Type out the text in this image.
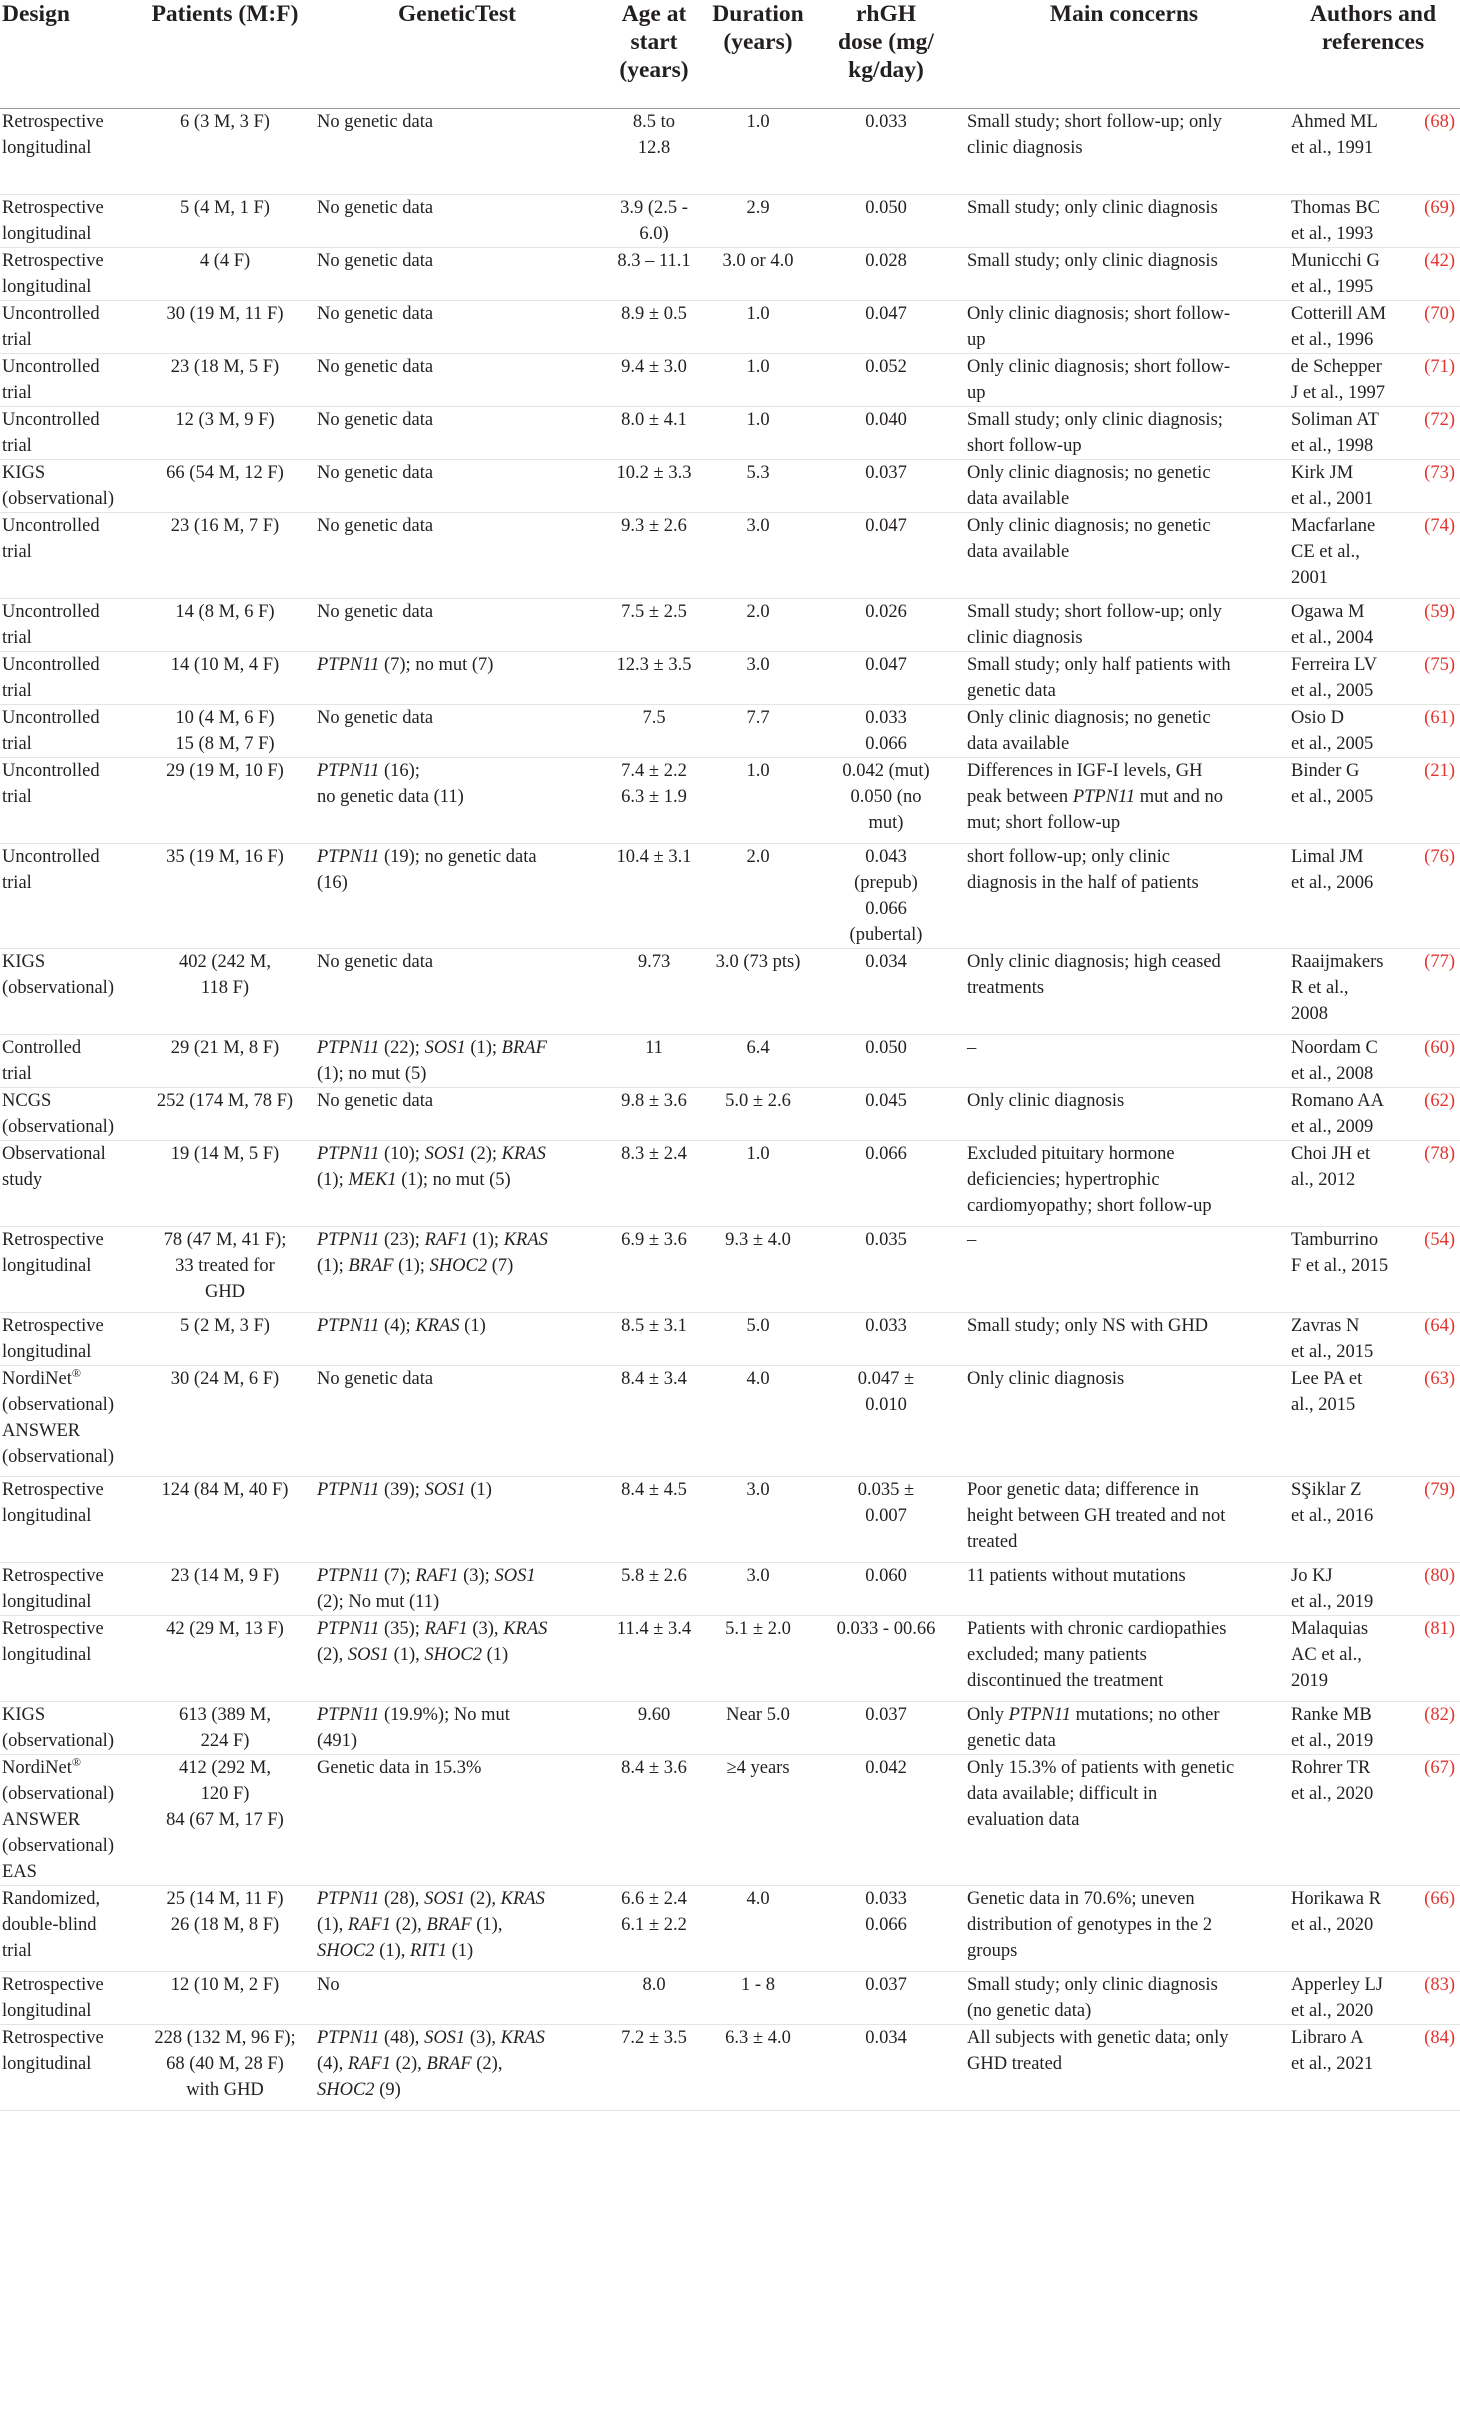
Design	Patients (M:F)	GeneticTest	Age at
start
(years)	Duration
(years)	rhGH
dose (mg/
kg/day)	Main concerns	Authors and
references
Retrospective
longitudinal	6 (3 M, 3 F)	No genetic data	8.5 to
12.8	1.0	0.033	Small study; short follow-up; only
clinic diagnosis	Ahmed ML
et al., 1991
(68)

Retrospective
longitudinal	5 (4 M, 1 F)	No genetic data	3.9 (2.5 -
6.0)	2.9	0.050	Small study; only clinic diagnosis	Thomas BC
et al., 1993
(69)

Retrospective
longitudinal	4 (4 F)	No genetic data	8.3 – 11.1	3.0 or 4.0	0.028	Small study; only clinic diagnosis	Municchi G
et al., 1995
(42)

Uncontrolled
trial	30 (19 M, 11 F)	No genetic data	8.9 ± 0.5	1.0	0.047	Only clinic diagnosis; short follow-
up	Cotterill AM
et al., 1996
(70)

Uncontrolled
trial	23 (18 M, 5 F)	No genetic data	9.4 ± 3.0	1.0	0.052	Only clinic diagnosis; short follow-
up	de Schepper
J et al., 1997
(71)

Uncontrolled
trial	12 (3 M, 9 F)	No genetic data	8.0 ± 4.1	1.0	0.040	Small study; only clinic diagnosis;
short follow-up	Soliman AT
et al., 1998
(72)

KIGS
(observational)	66 (54 M, 12 F)	No genetic data	10.2 ± 3.3	5.3	0.037	Only clinic diagnosis; no genetic
data available	Kirk JM
et al., 2001
(73)

Uncontrolled
trial	23 (16 M, 7 F)	No genetic data	9.3 ± 2.6	3.0	0.047	Only clinic diagnosis; no genetic
data available	Macfarlane
CE et al.,
2001
(74)

Uncontrolled
trial	14 (8 M, 6 F)	No genetic data	7.5 ± 2.5	2.0	0.026	Small study; short follow-up; only
clinic diagnosis	Ogawa M
et al., 2004
(59)

Uncontrolled
trial	14 (10 M, 4 F)	PTPN11 (7); no mut (7)	12.3 ± 3.5	3.0	0.047	Small study; only half patients with
genetic data	Ferreira LV
et al., 2005
(75)

Uncontrolled
trial	10 (4 M, 6 F)
15 (8 M, 7 F)	No genetic data	7.5	7.7	0.033
0.066	Only clinic diagnosis; no genetic
data available	Osio D
et al., 2005
(61)

Uncontrolled
trial	29 (19 M, 10 F)	PTPN11 (16);
no genetic data (11)	7.4 ± 2.2
6.3 ± 1.9	1.0	0.042 (mut)
0.050 (no
mut)	Differences in IGF-I levels, GH
peak between PTPN11 mut and no
mut; short follow-up	Binder G
et al., 2005
(21)

Uncontrolled
trial	35 (19 M, 16 F)	PTPN11 (19); no genetic data
(16)	10.4 ± 3.1	2.0	0.043
(prepub)
0.066
(pubertal)	short follow-up; only clinic
diagnosis in the half of patients	Limal JM
et al., 2006
(76)

KIGS
(observational)	402 (242 M,
118 F)	No genetic data	9.73	3.0 (73 pts)	0.034	Only clinic diagnosis; high ceased
treatments	Raaijmakers
R et al.,
2008
(77)

Controlled
trial	29 (21 M, 8 F)	PTPN11 (22); SOS1 (1); BRAF
(1); no mut (5)	11	6.4	0.050	–	Noordam C
et al., 2008
(60)

NCGS
(observational)	252 (174 M, 78 F)	No genetic data	9.8 ± 3.6	5.0 ± 2.6	0.045	Only clinic diagnosis	Romano AA
et al., 2009
(62)

Observational
study	19 (14 M, 5 F)	PTPN11 (10); SOS1 (2); KRAS
(1); MEK1 (1); no mut (5)	8.3 ± 2.4	1.0	0.066	Excluded pituitary hormone
deficiencies; hypertrophic
cardiomyopathy; short follow-up	Choi JH et
al., 2012
(78)

Retrospective
longitudinal	78 (47 M, 41 F);
33 treated for
GHD	PTPN11 (23); RAF1 (1); KRAS
(1); BRAF (1); SHOC2 (7)	6.9 ± 3.6	9.3 ± 4.0	0.035	–	Tamburrino
F et al., 2015
(54)

Retrospective
longitudinal	5 (2 M, 3 F)	PTPN11 (4); KRAS (1)	8.5 ± 3.1	5.0	0.033	Small study; only NS with GHD	Zavras N
et al., 2015
(64)

NordiNet®
(observational)
ANSWER
(observational)	30 (24 M, 6 F)	No genetic data	8.4 ± 3.4	4.0	0.047 ±
0.010	Only clinic diagnosis	Lee PA et
al., 2015
(63)

Retrospective
longitudinal	124 (84 M, 40 F)	PTPN11 (39); SOS1 (1)	8.4 ± 4.5	3.0	0.035 ±
0.007	Poor genetic data; difference in
height between GH treated and not
treated	SŞiklar Z
et al., 2016
(79)

Retrospective
longitudinal	23 (14 M, 9 F)	PTPN11 (7); RAF1 (3); SOS1
(2); No mut (11)	5.8 ± 2.6	3.0	0.060	11 patients without mutations	Jo KJ
et al., 2019
(80)

Retrospective
longitudinal	42 (29 M, 13 F)	PTPN11 (35); RAF1 (3), KRAS
(2), SOS1 (1), SHOC2 (1)	11.4 ± 3.4	5.1 ± 2.0	0.033 - 00.66	Patients with chronic cardiopathies
excluded; many patients
discontinued the treatment	Malaquias
AC et al.,
2019
(81)

KIGS
(observational)	613 (389 M,
224 F)	PTPN11 (19.9%); No mut
(491)	9.60	Near 5.0	0.037	Only PTPN11 mutations; no other
genetic data	Ranke MB
et al., 2019
(82)

NordiNet®
(observational)
ANSWER
(observational)
EAS	412 (292 M,
120 F)
84 (67 M, 17 F)	Genetic data in 15.3%	8.4 ± 3.6	≥4 years	0.042	Only 15.3% of patients with genetic
data available; difficult in
evaluation data	Rohrer TR
et al., 2020
(67)

Randomized,
double-blind
trial	25 (14 M, 11 F)
26 (18 M, 8 F)	PTPN11 (28), SOS1 (2), KRAS
(1), RAF1 (2), BRAF (1),
SHOC2 (1), RIT1 (1)	6.6 ± 2.4
6.1 ± 2.2	4.0	0.033
0.066	Genetic data in 70.6%; uneven
distribution of genotypes in the 2
groups	Horikawa R
et al., 2020
(66)

Retrospective
longitudinal	12 (10 M, 2 F)	No	8.0	1 - 8	0.037	Small study; only clinic diagnosis
(no genetic data)	Apperley LJ
et al., 2020
(83)

Retrospective
longitudinal	228 (132 M, 96 F);
68 (40 M, 28 F)
with GHD	PTPN11 (48), SOS1 (3), KRAS
(4), RAF1 (2), BRAF (2),
SHOC2 (9)	7.2 ± 3.5	6.3 ± 4.0	0.034	All subjects with genetic data; only
GHD treated	Libraro A
et al., 2021
(84)
